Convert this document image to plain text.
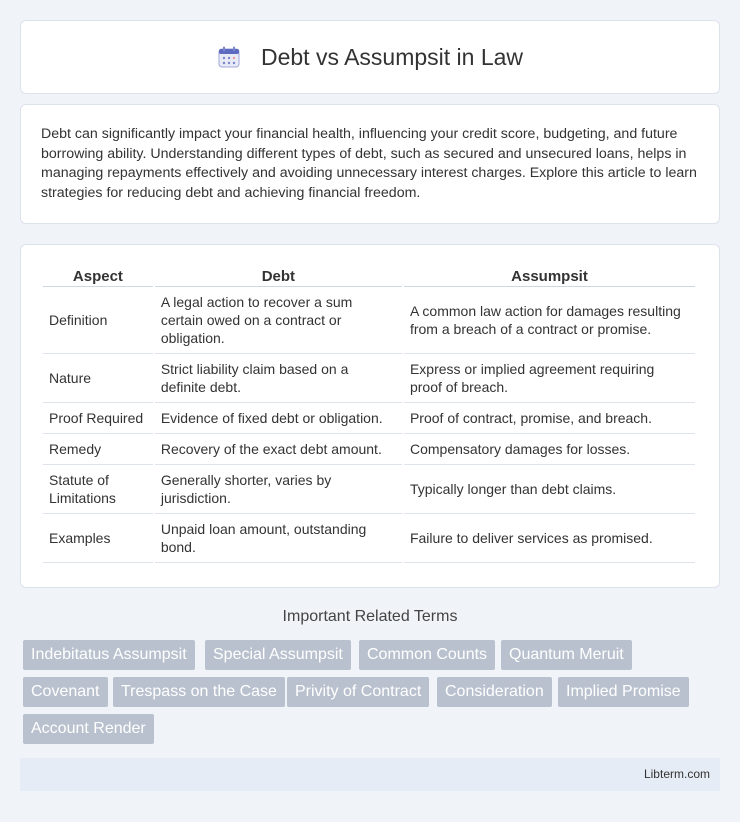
Debt vs Assumpsit in Law

Debt can significantly impact your financial health, influencing your credit score, budgeting, and future borrowing ability. Understanding different types of debt, such as secured and unsecured loans, helps in managing repayments effectively and avoiding unnecessary interest charges. Explore this article to learn strategies for reducing debt and achieving financial freedom.

Aspect	Debt	Assumpsit
Definition	A legal action to recover a sum certain owed on a contract or obligation.	A common law action for damages resulting from a breach of a contract or promise.
Nature	Strict liability claim based on a definite debt.	Express or implied agreement requiring proof of breach.
Proof Required	Evidence of fixed debt or obligation.	Proof of contract, promise, and breach.
Remedy	Recovery of the exact debt amount.	Compensatory damages for losses.
Statute of Limitations	Generally shorter, varies by jurisdiction.	Typically longer than debt claims.
Examples	Unpaid loan amount, outstanding bond.	Failure to deliver services as promised.
Important Related Terms
Indebitatus Assumpsit	Special Assumpsit	Common Counts	Quantum Meruit
Covenant	Trespass on the Case	Privity of Contract	Consideration	Implied Promise
Account Render
Libterm.com
